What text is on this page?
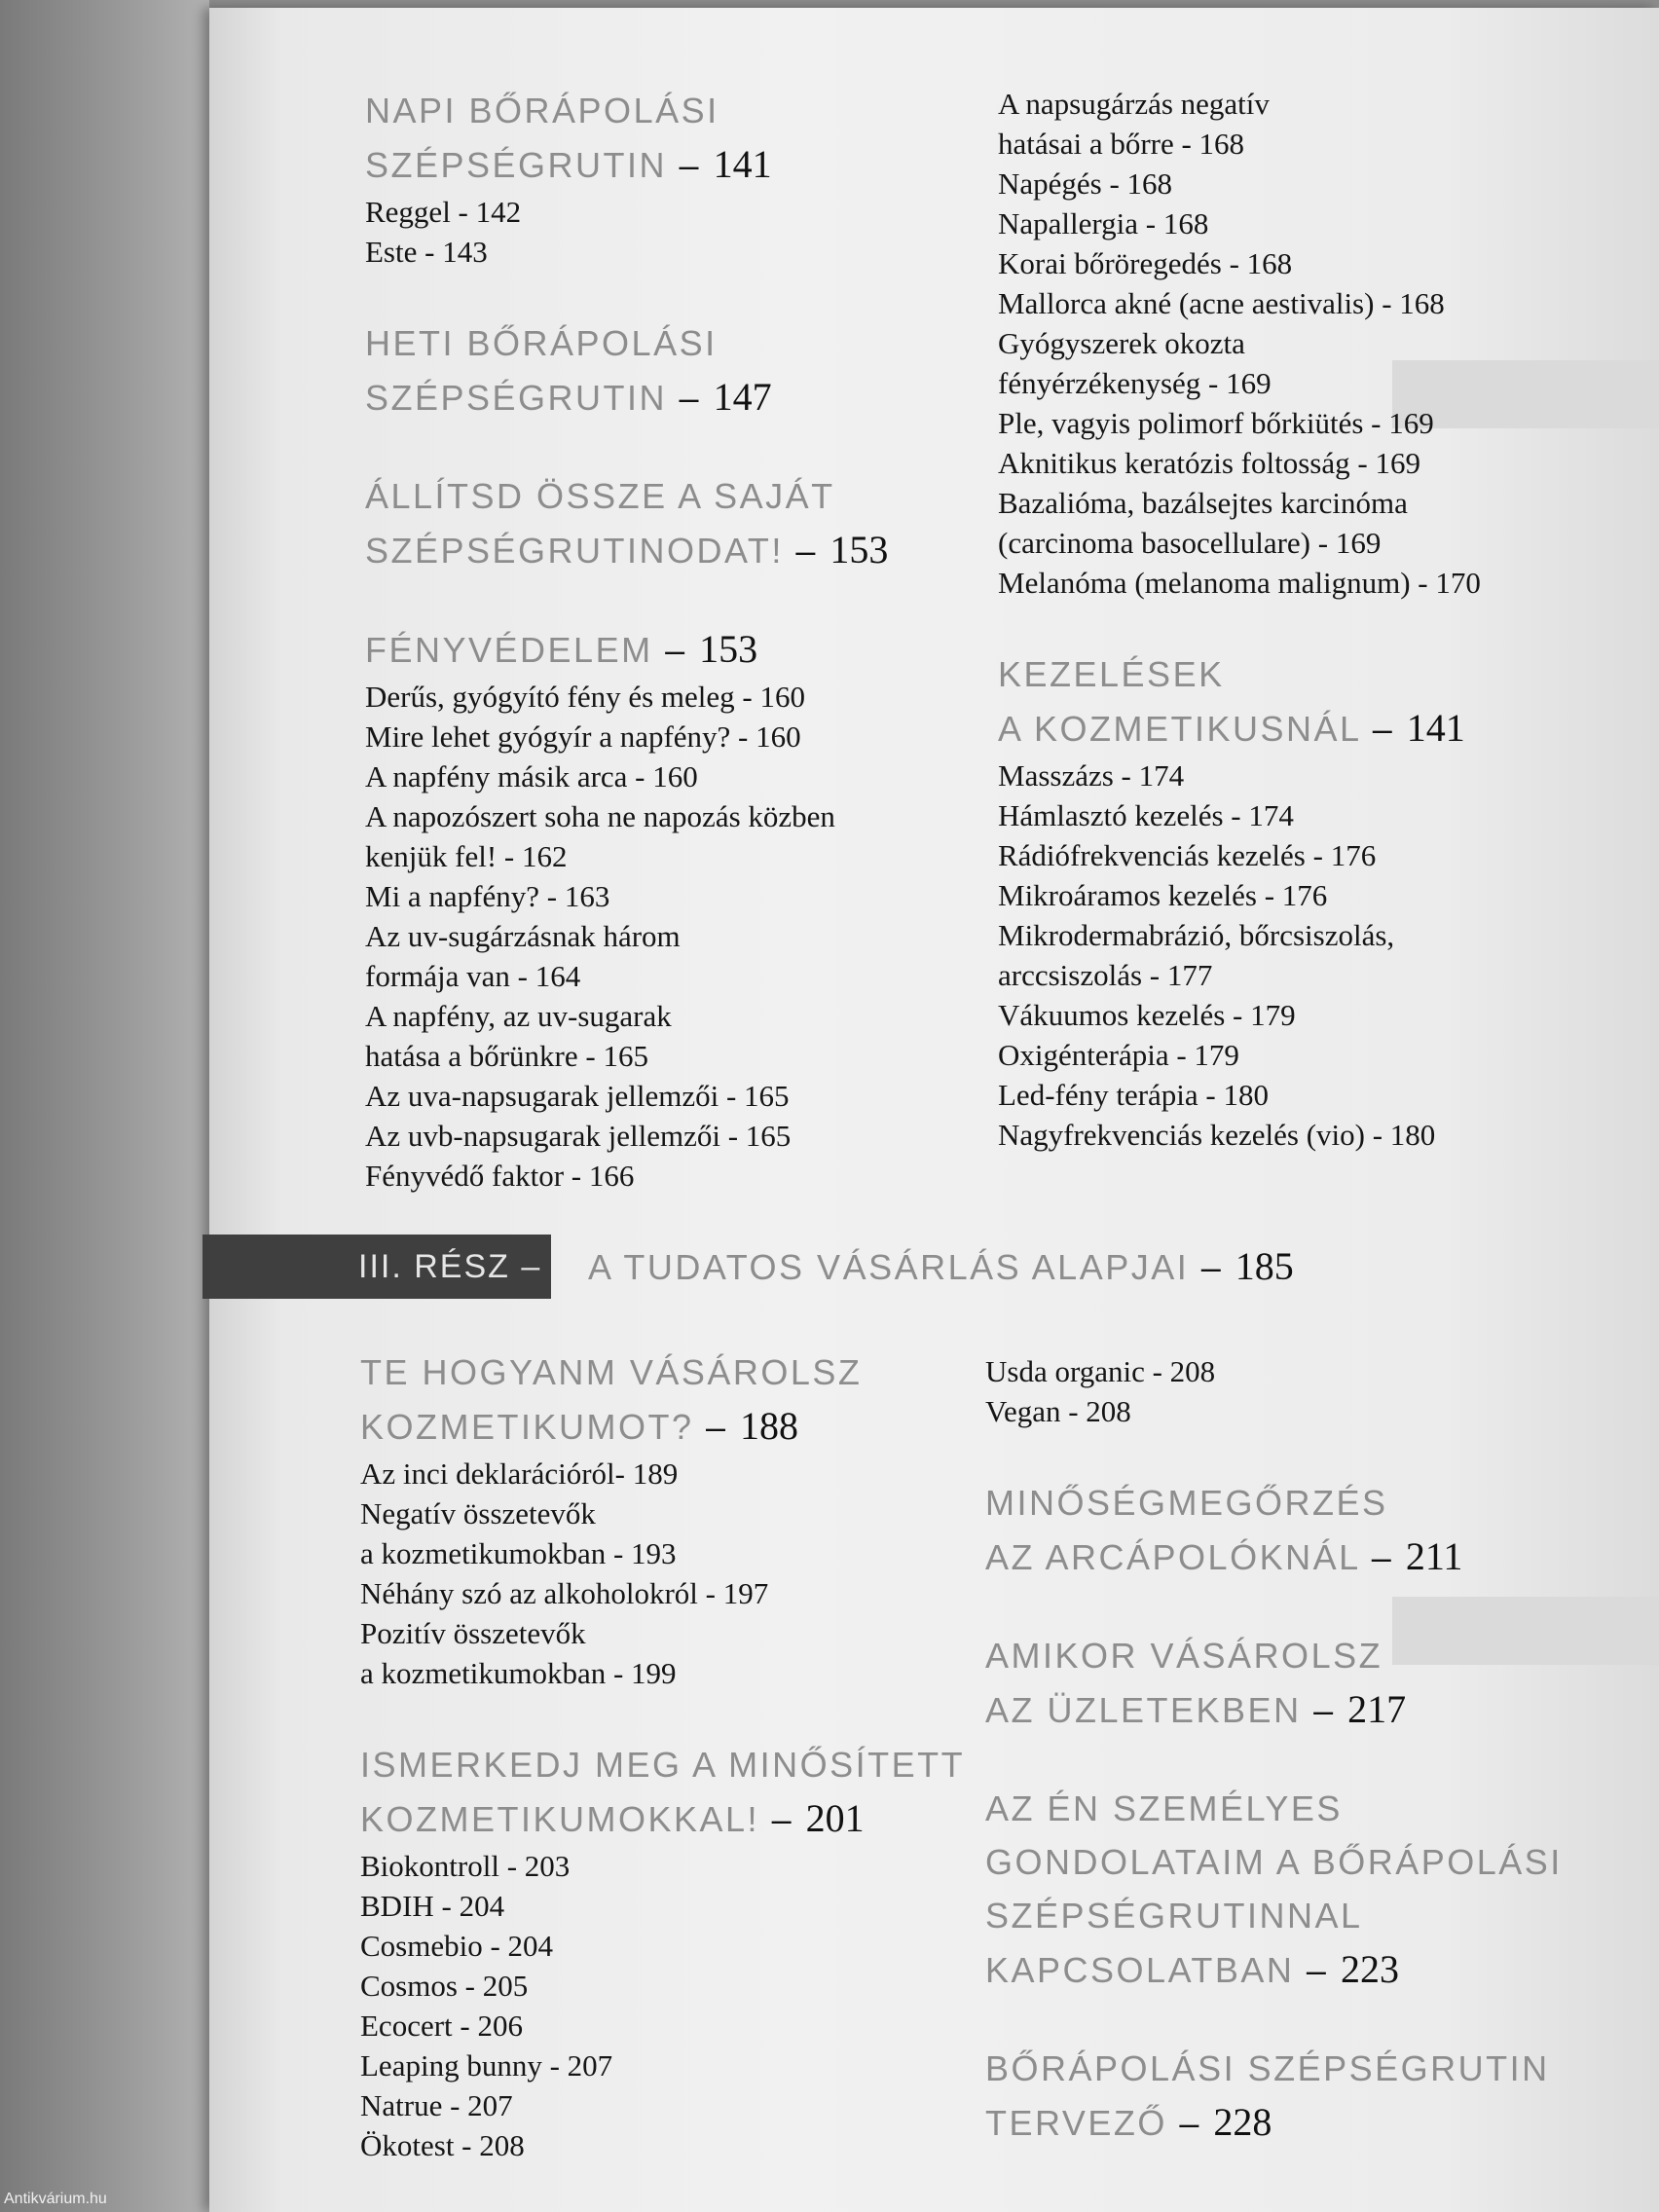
NAPI BŐRÁPOLÁSI
SZÉPSÉGRUTIN – 141
Reggel - 142
Este - 143
HETI BŐRÁPOLÁSI
SZÉPSÉGRUTIN – 147
ÁLLÍTSD ÖSSZE A SAJÁT
SZÉPSÉGRUTINODAT! – 153
FÉNYVÉDELEM – 153
Derűs, gyógyító fény és meleg - 160
Mire lehet gyógyír a napfény? - 160
A napfény másik arca - 160
A napozószert soha ne napozás közben
kenjük fel! - 162
Mi a napfény? - 163
Az uv-sugárzásnak három
formája van - 164
A napfény, az uv-sugarak
hatása a bőrünkre - 165
Az uva-napsugarak jellemzői - 165
Az uvb-napsugarak jellemzői - 165
Fényvédő faktor - 166
A napsugárzás negatív
hatásai a bőrre - 168
Napégés - 168
Napallergia - 168
Korai bőröregedés - 168
Mallorca akné (acne aestivalis) - 168
Gyógyszerek okozta
fényérzékenység - 169
Ple, vagyis polimorf bőrkiütés - 169
Aknitikus keratózis foltosság - 169
Bazalióma, bazálsejtes karcinóma
(carcinoma basocellulare) - 169
Melanóma (melanoma malignum) - 170
KEZELÉSEK
A KOZMETIKUSNÁL – 141
Masszázs - 174
Hámlasztó kezelés - 174
Rádiófrekvenciás kezelés - 176
Mikroáramos kezelés - 176
Mikrodermabrázió, bőrcsiszolás,
arccsiszolás - 177
Vákuumos kezelés - 179
Oxigénterápia - 179
Led-fény terápia - 180
Nagyfrekvenciás kezelés (vio) - 180
III. RÉSZ – A TUDATOS VÁSÁRLÁS ALAPJAI – 185
TE HOGYANM VÁSÁROLSZ
KOZMETIKUMOT? – 188
Az inci deklarációról- 189
Negatív összetevők
a kozmetikumokban - 193
Néhány szó az alkoholokról - 197
Pozitív összetevők
a kozmetikumokban - 199
ISMERKEDJ MEG A MINŐSÍTETT
KOZMETIKUMOKKAL! – 201
Biokontroll - 203
BDIH - 204
Cosmebio - 204
Cosmos - 205
Ecocert - 206
Leaping bunny - 207
Natrue - 207
Ökotest - 208
Usda organic - 208
Vegan - 208
MINŐSÉGMEGŐRZÉS
AZ ARCÁPOLÓKNÁL – 211
AMIKOR VÁSÁROLSZ
AZ ÜZLETEKBEN – 217
AZ ÉN SZEMÉLYES
GONDOLATAIM A BŐRÁPOLÁSI
SZÉPSÉGRUTINNAL
KAPCSOLATBAN – 223
BŐRÁPOLÁSI SZÉPSÉGRUTIN
TERVEZŐ – 228
Antikvárium.hu
